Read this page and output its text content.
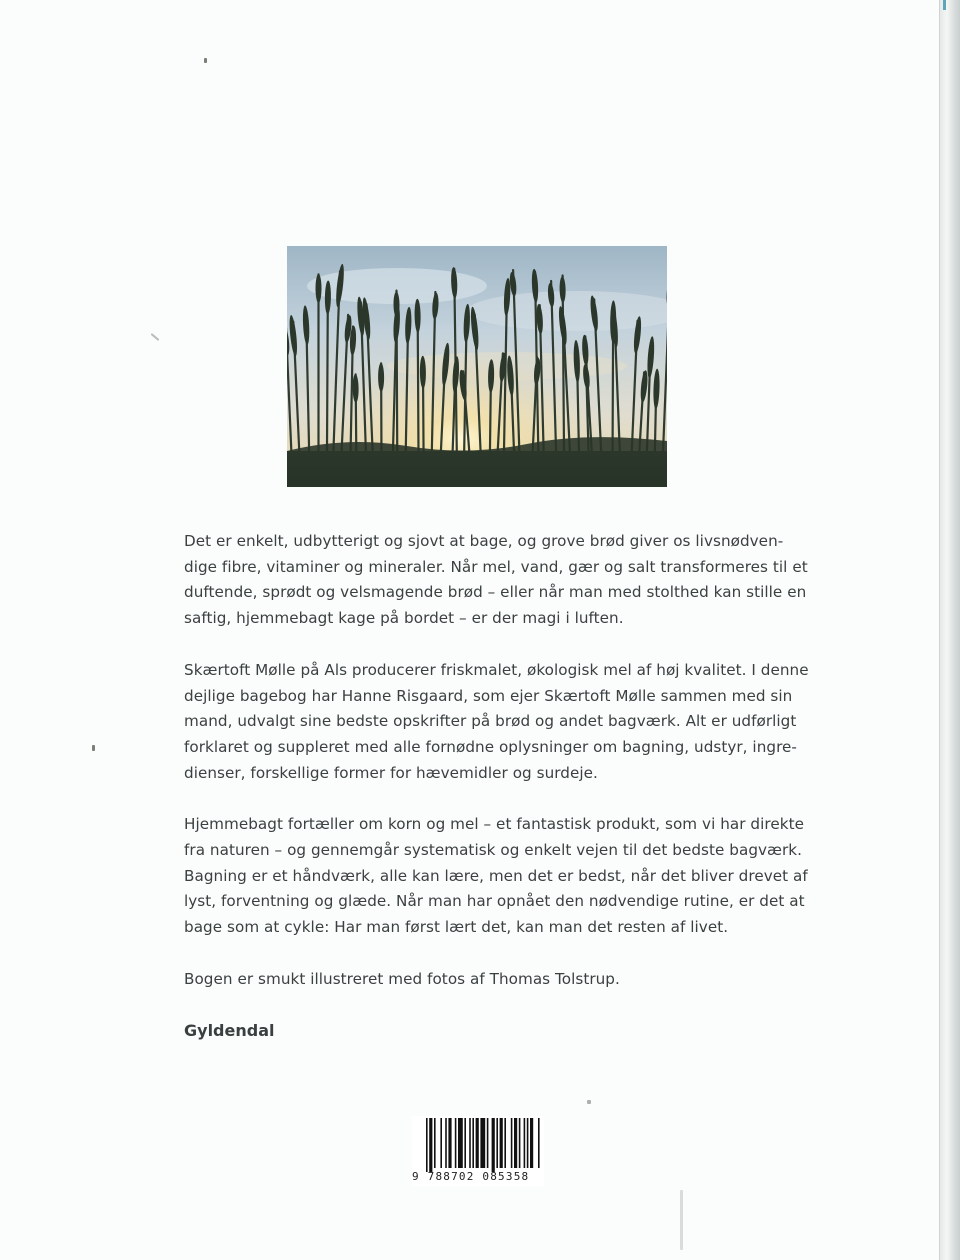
Det er enkelt, udbytterigt og sjovt at bage, og grove brød giver os livsnødven-
dige fibre, vitaminer og mineraler. Når mel, vand, gær og salt transformeres til et
duftende, sprødt og velsmagende brød – eller når man med stolthed kan stille en
saftig, hjemmebagt kage på bordet – er der magi i luften.

Skærtoft Mølle på Als producerer friskmalet, økologisk mel af høj kvalitet. I denne
dejlige bagebog har Hanne Risgaard, som ejer Skærtoft Mølle sammen med sin
mand, udvalgt sine bedste opskrifter på brød og andet bagværk. Alt er udførligt
forklaret og suppleret med alle fornødne oplysninger om bagning, udstyr, ingre-
dienser, forskellige former for hævemidler og surdeje.

Hjemmebagt fortæller om korn og mel – et fantastisk produkt, som vi har direkte
fra naturen – og gennemgår systematisk og enkelt vejen til det bedste bagværk.
Bagning er et håndværk, alle kan lære, men det er bedst, når det bliver drevet af
lyst, forventning og glæde. Når man har opnået den nødvendige rutine, er det at
bage som at cykle: Har man først lært det, kan man det resten af livet.

Bogen er smukt illustreret med fotos af Thomas Tolstrup.

Gyldendal
9 788702 085358
